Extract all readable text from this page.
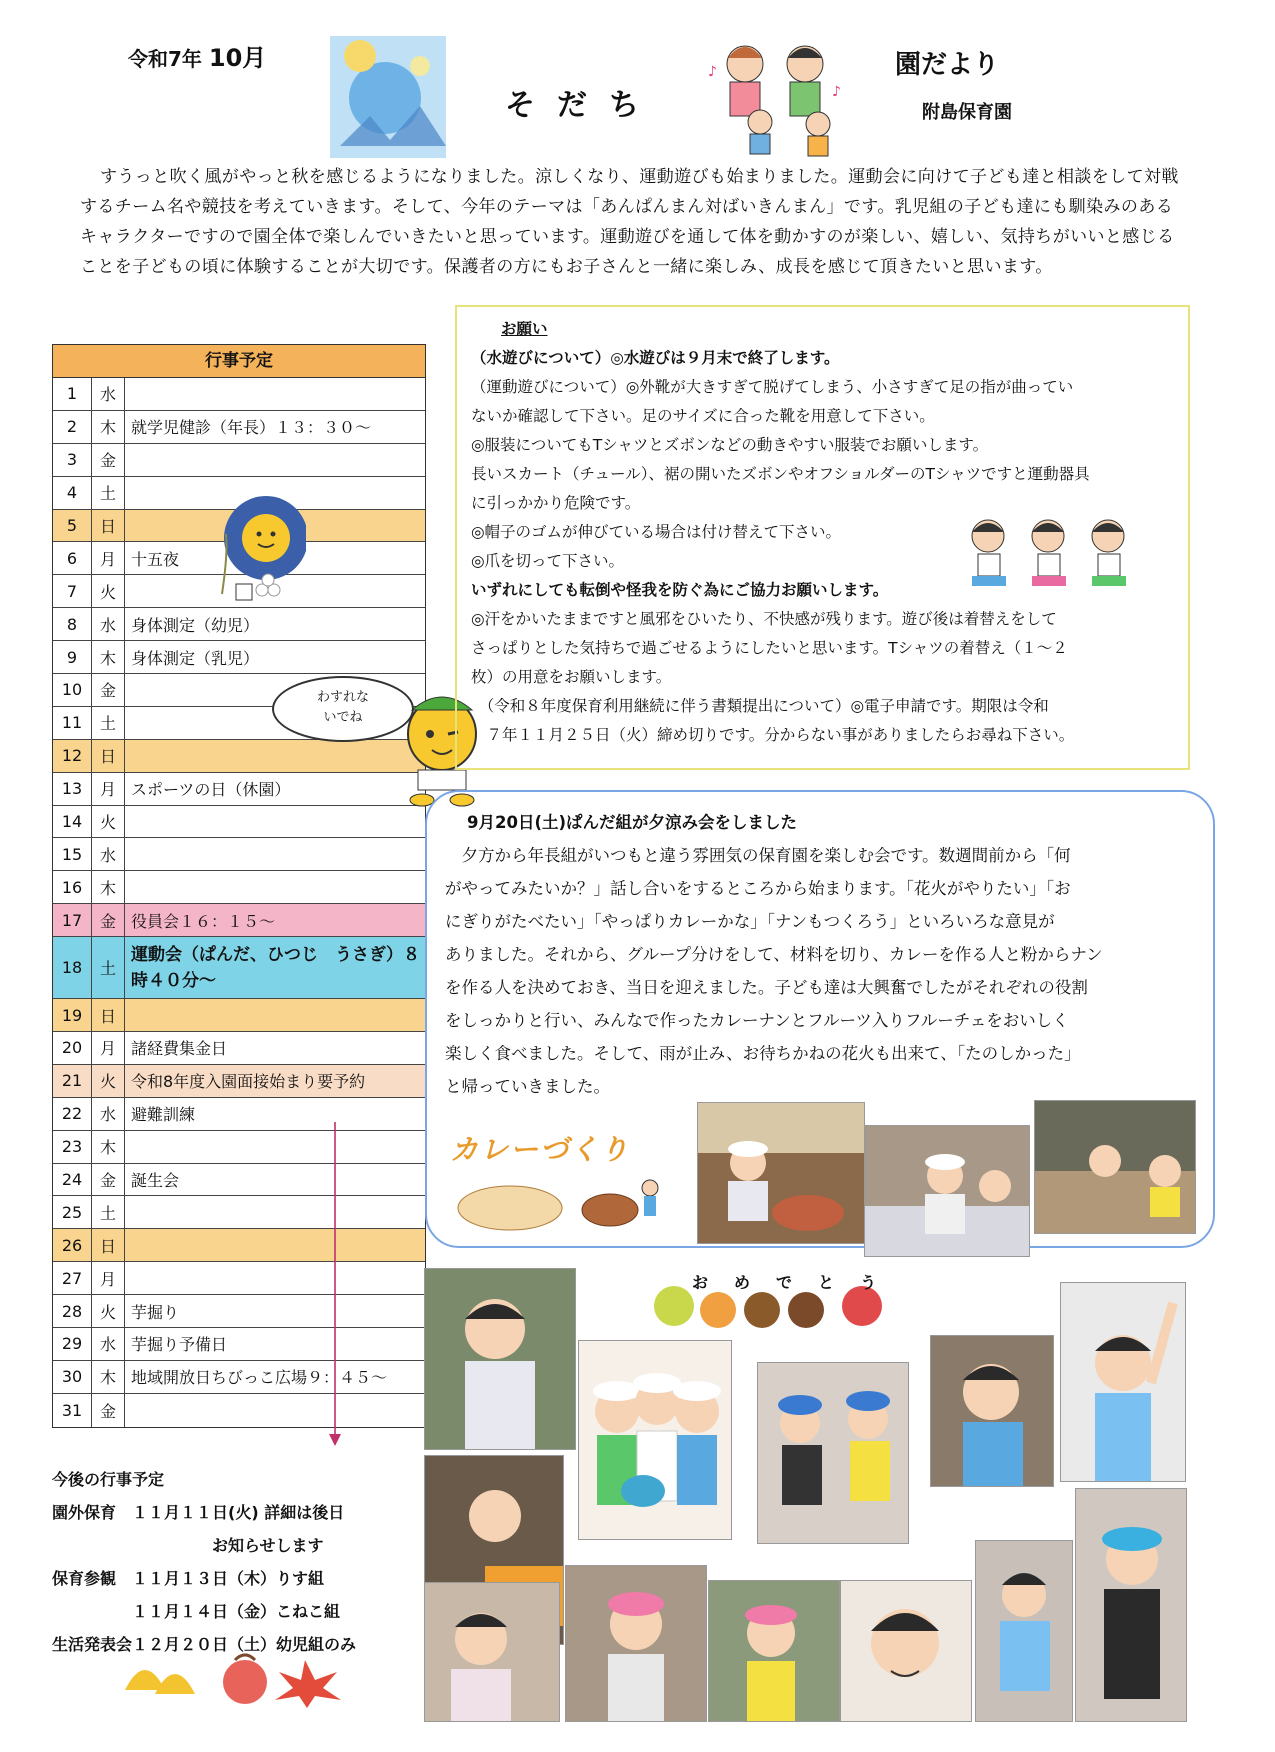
令和7年 10月
そだち
♪
♪
園だより
附島保育園
すうっと吹く風がやっと秋を感じるようになりました。涼しくなり、運動遊びも始まりました。運動会に向けて子ども達と相談をして対戦するチーム名や競技を考えていきます。そして、今年のテーマは「あんぱんまん対ばいきんまん」です。乳児組の子ども達にも馴染みのあるキャラクターですので園全体で楽しんでいきたいと思っています。運動遊びを通して体を動かすのが楽しい、嬉しい、気持ちがいいと感じることを子どもの頃に体験することが大切です。保護者の方にもお子さんと一緒に楽しみ、成長を感じて頂きたいと思います。
行事予定
1	水
2	木 就学児健診（年長）１３：３０～
3	金
4	土
5	日
6	月 十五夜
7	火
8	水 身体測定（幼児）
9	木 身体測定（乳児）
10	金
11	土
12	日
13	月 スポーツの日（休園）
14	火
15	水
16	木
17	金 役員会１６：１５～
18	土
運動会（ぱんだ、ひつじ　うさぎ）８時４０分～
19	日
20	月 諸経費集金日
21	火 令和8年度入園面接始まり要予約
22	水 避難訓練
23	木
24	金 誕生会
25	土
26	日
27	月
28	火 芋掘り
29	水 芋掘り予備日
30	木 地域開放日ちびっこ広場９：４５～
31	金
わすれな
いでね
今後の行事予定
園外保育　１１月１１日(火) 詳細は後日
　　　　　　　　　　お知らせします
保育参観　１１月１３日（木）りす組
　　　　　１１月１４日（金）こねこ組
生活発表会１２月２０日（土）幼児組のみ
お願い
（水遊びについて）◎水遊びは９月末で終了します。
（運動遊びについて）◎外靴が大きすぎて脱げてしまう、小さすぎて足の指が曲ってい
ないか確認して下さい。足のサイズに合った靴を用意して下さい。
◎服装についてもTシャツとズボンなどの動きやすい服装でお願いします。
長いスカート（チュール）、裾の開いたズボンやオフショルダーのTシャツですと運動器具
に引っかかり危険です。
◎帽子のゴムが伸びている場合は付け替えて下さい。
◎爪を切って下さい。
いずれにしても転倒や怪我を防ぐ為にご協力お願いします。
◎汗をかいたままですと風邪をひいたり、不快感が残ります。遊び後は着替えをして
さっぱりとした気持ちで過ごせるようにしたいと思います。Tシャツの着替え（１～２
枚）の用意をお願いします。
　（令和８年度保育利用継続に伴う書類提出について）◎電子申請です。期限は令和
　７年１１月２５日（火）締め切りです。分からない事がありましたらお尋ね下さい。
9月20日(土)ぱんだ組が夕涼み会をしました
　夕方から年長組がいつもと違う雰囲気の保育園を楽しむ会です。数週間前から「何
がやってみたいか？」話し合いをするところから始まります。「花火がやりたい」「お
にぎりがたべたい」「やっぱりカレーかな」「ナンもつくろう」といろいろな意見が
ありました。それから、グループ分けをして、材料を切り、カレーを作る人と粉からナン
を作る人を決めておき、当日を迎えました。子ども達は大興奮でしたがそれぞれの役割
をしっかりと行い、みんなで作ったカレーナンとフルーツ入りフルーチェをおいしく
楽しく食べました。そして、雨が止み、お待ちかねの花火も出来て、「たのしかった」
と帰っていきました。
カレーづくり
お め で と う
